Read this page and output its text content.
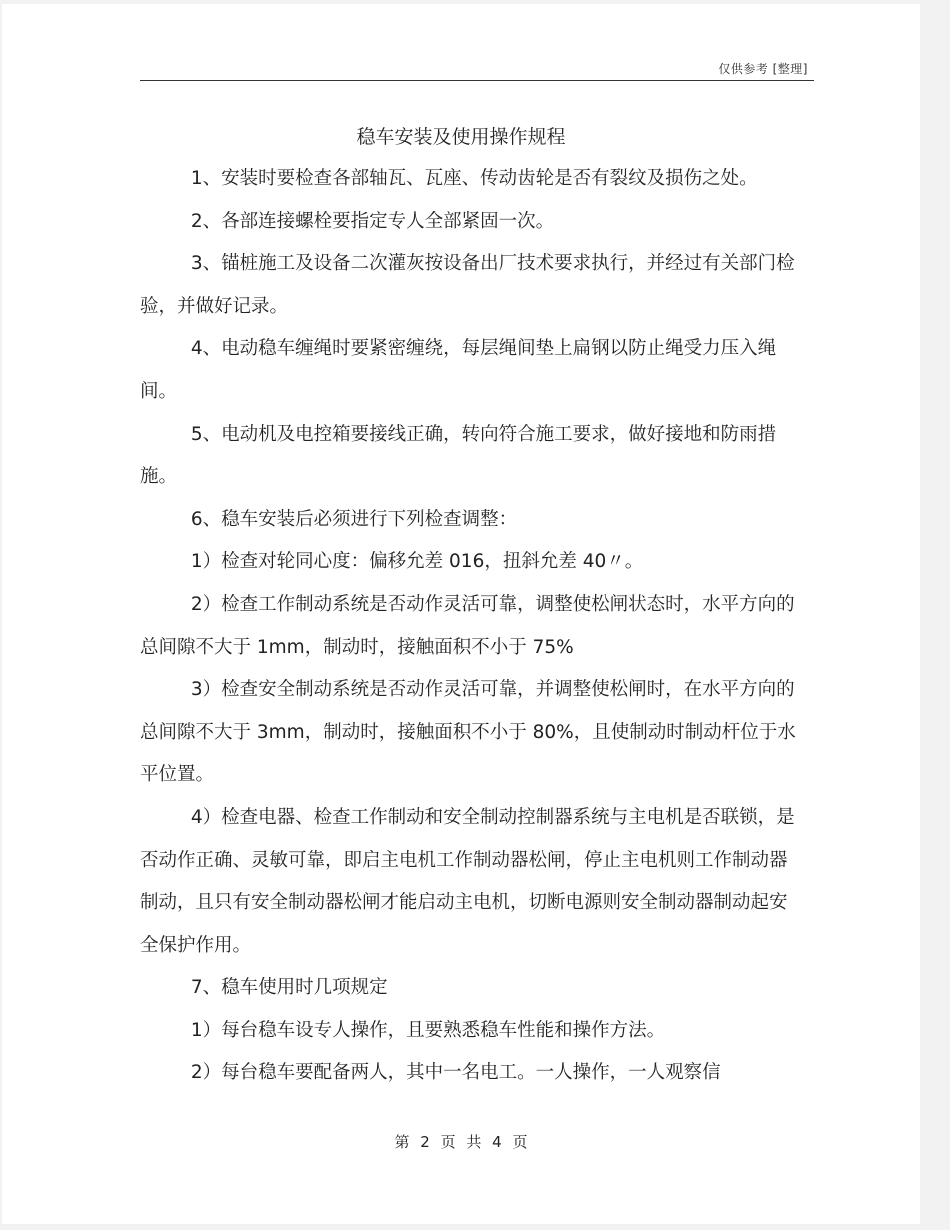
仅供参考 [整理]
稳车安装及使用操作规程

1、安装时要检查各部轴瓦、瓦座、传动齿轮是否有裂纹及损伤之处。

2、各部连接螺栓要指定专人全部紧固一次。

3、锚桩施工及设备二次灌灰按设备出厂技术要求执行，并经过有关部门检验，并做好记录。

4、电动稳车缠绳时要紧密缠绕，每层绳间垫上扁钢以防止绳受力压入绳间。

5、电动机及电控箱要接线正确，转向符合施工要求，做好接地和防雨措施。

6、稳车安装后必须进行下列检查调整：

1）检查对轮同心度：偏移允差 016，扭斜允差 40〃。

2）检查工作制动系统是否动作灵活可靠，调整使松闸状态时，水平方向的总间隙不大于 1mm，制动时，接触面积不小于 75%

3）检查安全制动系统是否动作灵活可靠，并调整使松闸时，在水平方向的总间隙不大于 3mm，制动时，接触面积不小于 80%，且使制动时制动杆位于水平位置。

4）检查电器、检查工作制动和安全制动控制器系统与主电机是否联锁，是否动作正确、灵敏可靠，即启主电机工作制动器松闸，停止主电机则工作制动器制动，且只有安全制动器松闸才能启动主电机，切断电源则安全制动器制动起安全保护作用。

7、稳车使用时几项规定

1）每台稳车设专人操作，且要熟悉稳车性能和操作方法。

2）每台稳车要配备两人，其中一名电工。一人操作，一人观察信

第 2 页 共 4 页
